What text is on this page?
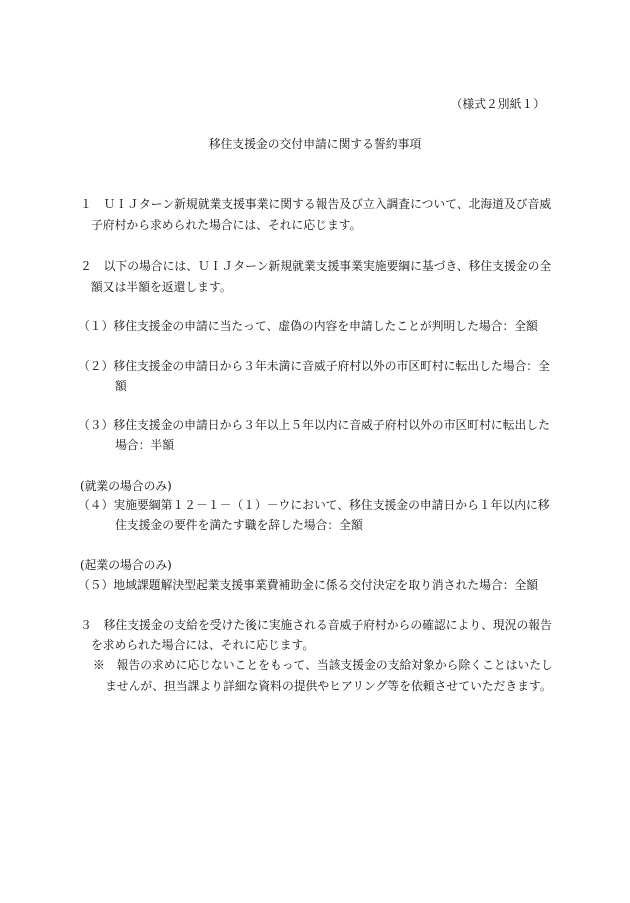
（様式２別紙１）
移住支援金の交付申請に関する誓約事項
１　ＵＩＪターン新規就業支援事業に関する報告及び立入調査について、北海道及び音威
子府村から求められた場合には、それに応じます。
２　以下の場合には、ＵＩＪターン新規就業支援事業実施要綱に基づき、移住支援金の全
額又は半額を返還します。
（１）移住支援金の申請に当たって、虚偽の内容を申請したことが判明した場合：全額
（２）移住支援金の申請日から３年未満に音威子府村以外の市区町村に転出した場合：全
額
（３）移住支援金の申請日から３年以上５年以内に音威子府村以外の市区町村に転出した
場合：半額
(就業の場合のみ)
（４）実施要綱第１２－１－（１）－ウにおいて、移住支援金の申請日から１年以内に移
住支援金の要件を満たす職を辞した場合：全額
(起業の場合のみ)
（５）地域課題解決型起業支援事業費補助金に係る交付決定を取り消された場合：全額
３　移住支援金の支給を受けた後に実施される音威子府村からの確認により、現況の報告
を求められた場合には、それに応じます。
※　報告の求めに応じないことをもって、当該支援金の支給対象から除くことはいたし
ませんが、担当課より詳細な資料の提供やヒアリング等を依頼させていただきます。
